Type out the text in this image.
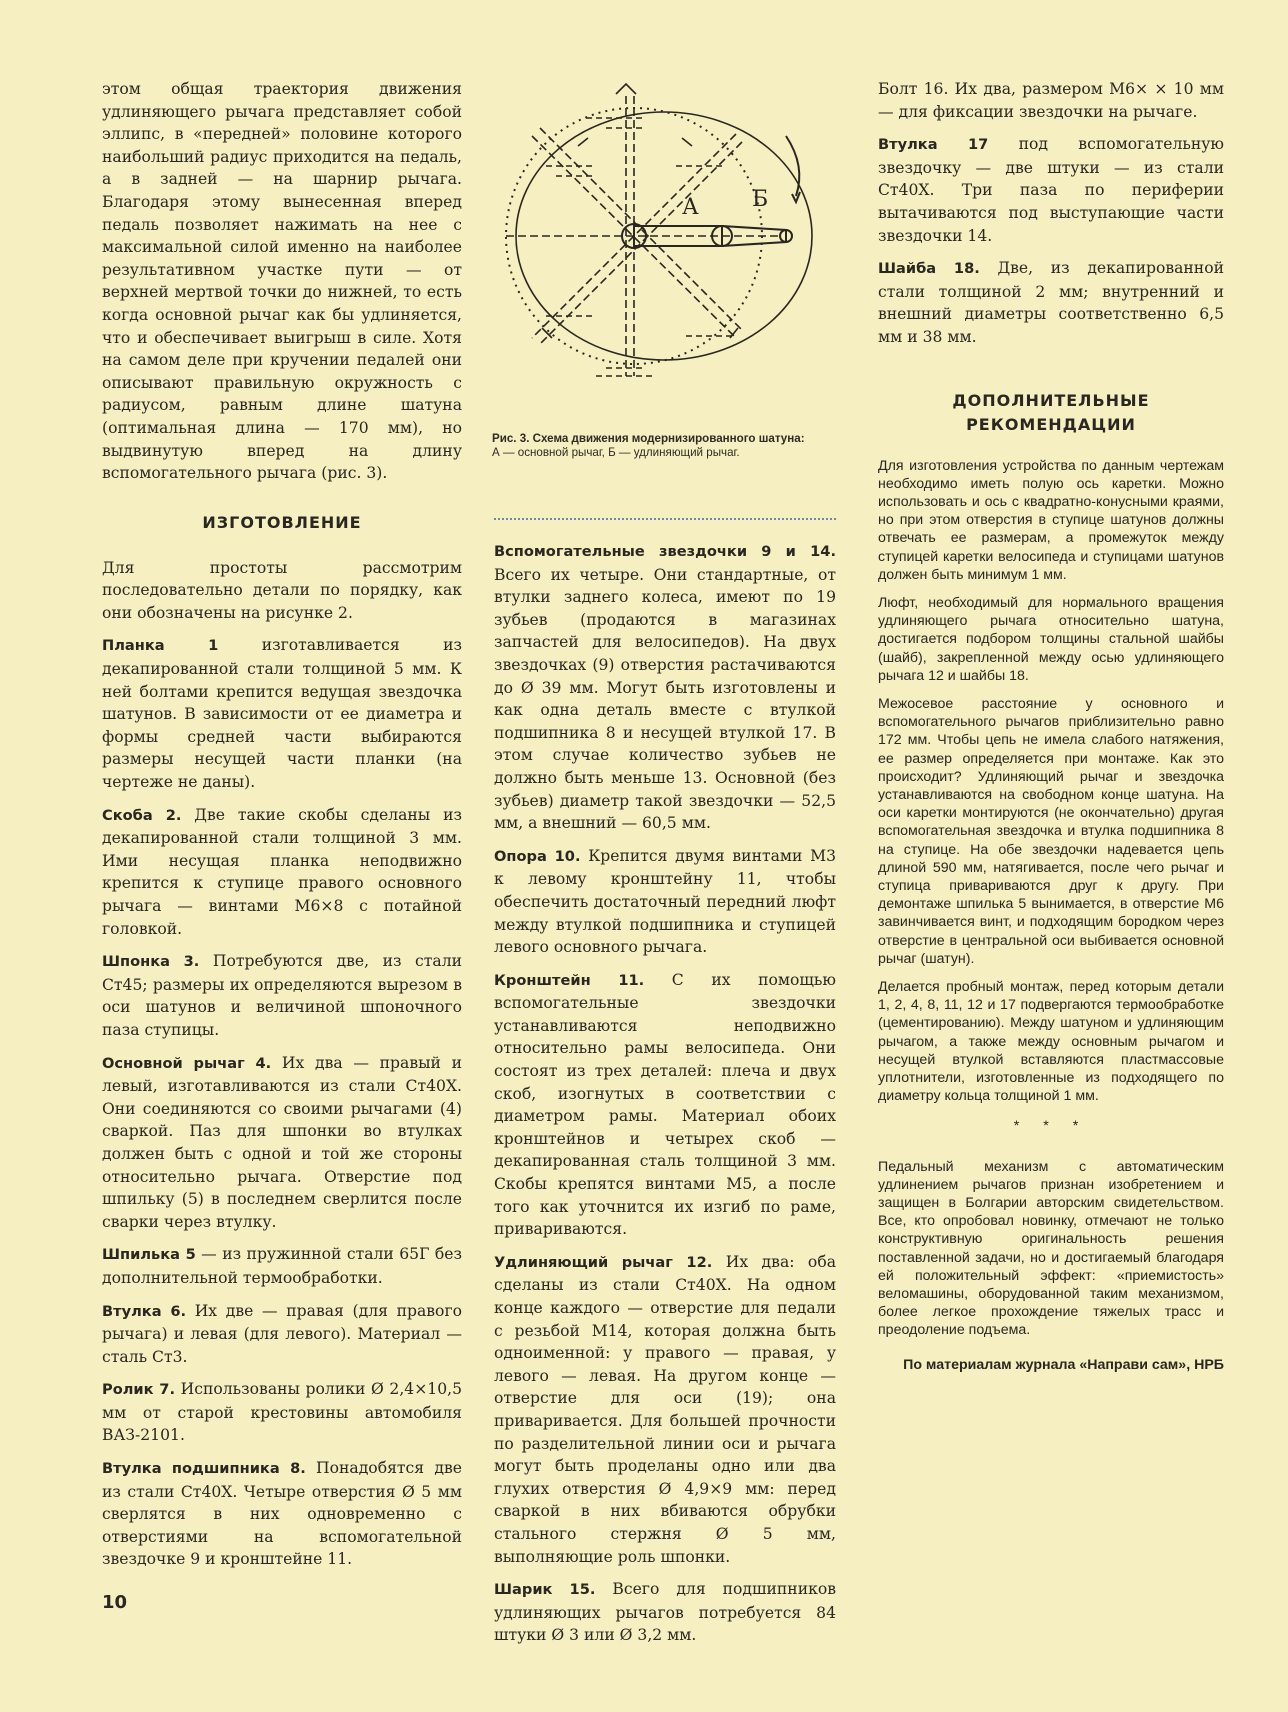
этом общая траектория движения удлиняющего рычага представляет собой эллипс, в «передней» половине которого наибольший радиус приходится на педаль, а в задней — на шарнир рычага. Благодаря этому вынесенная вперед педаль позволяет нажимать на нее с максимальной силой именно на наиболее результативном участке пути — от верхней мертвой точки до нижней, то есть когда основной рычаг как бы удлиняется, что и обеспечивает выигрыш в силе. Хотя на самом деле при кручении педалей они описывают правильную окружность с радиусом, равным длине шатуна (оптимальная длина — 170 мм), но выдвинутую вперед на длину вспомогательного рычага (рис. 3).

ИЗГОТОВЛЕНИЕ

Для простоты рассмотрим последовательно детали по порядку, как они обозначены на рисунке 2.

Планка 1 изготавливается из декапированной стали толщиной 5 мм. К ней болтами крепится ведущая звездочка шатунов. В зависимости от ее диаметра и формы средней части выбираются размеры несущей части планки (на чертеже не даны).

Скоба 2. Две такие скобы сделаны из декапированной стали толщиной 3 мм. Ими несущая планка неподвижно крепится к ступице правого основного рычага — винтами М6×8 с потайной головкой.

Шпонка 3. Потребуются две, из стали Ст45; размеры их определяются вырезом в оси шатунов и величиной шпоночного паза ступицы.

Основной рычаг 4. Их два — правый и левый, изготавливаются из стали Ст40Х. Они соединяются со своими рычагами (4) сваркой. Паз для шпонки во втулках должен быть с одной и той же стороны относительно рычага. Отверстие под шпильку (5) в последнем сверлится после сварки через втулку.

Шпилька 5 — из пружинной стали 65Г без дополнительной термообработки.

Втулка 6. Их две — правая (для правого рычага) и левая (для левого). Материал — сталь Ст3.

Ролик 7. Использованы ролики Ø 2,4×10,5 мм от старой крестовины автомобиля ВАЗ-2101.

Втулка подшипника 8. Понадобятся две из стали Ст40Х. Четыре отверстия Ø 5 мм сверлятся в них одновременно с отверстиями на вспомогательной звездочке 9 и кронштейне 11.

А Б
Рис. 3. Схема движения модернизированного шатуна:
А — основной рычаг, Б — удлиняющий рычаг.

Вспомогательные звездочки 9 и 14. Всего их четыре. Они стандартные, от втулки заднего колеса, имеют по 19 зубьев (продаются в магазинах запчастей для велосипедов). На двух звездочках (9) отверстия растачиваются до Ø 39 мм. Могут быть изготовлены и как одна деталь вместе с втулкой подшипника 8 и несущей втулкой 17. В этом случае количество зубьев не должно быть меньше 13. Основной (без зубьев) диаметр такой звездочки — 52,5 мм, а внешний — 60,5 мм.

Опора 10. Крепится двумя винтами М3 к левому кронштейну 11, чтобы обеспечить достаточный передний люфт между втулкой подшипника и ступицей левого основного рычага.

Кронштейн 11. С их помощью вспомогательные звездочки устанавливаются неподвижно относительно рамы велосипеда. Они состоят из трех деталей: плеча и двух скоб, изогнутых в соответствии с диаметром рамы. Материал обоих кронштейнов и четырех скоб — декапированная сталь толщиной 3 мм. Скобы крепятся винтами М5, а после того как уточнится их изгиб по раме, привариваются.

Удлиняющий рычаг 12. Их два: оба сделаны из стали Ст40Х. На одном конце каждого — отверстие для педали с резьбой М14, которая должна быть одноименной: у правого — правая, у левого — левая. На другом конце — отверстие для оси (19); она приваривается. Для большей прочности по разделительной линии оси и рычага могут быть проделаны одно или два глухих отверстия Ø 4,9×9 мм: перед сваркой в них вбиваются обрубки стального стержня Ø 5 мм, выполняющие роль шпонки.

Шарик 15. Всего для подшипников удлиняющих рычагов потребуется 84 штуки Ø 3 или Ø 3,2 мм.

Болт 16. Их два, размером М6× × 10 мм — для фиксации звездочки на рычаге.

Втулка 17 под вспомогательную звездочку — две штуки — из стали Ст40Х. Три паза по периферии вытачиваются под выступающие части звездочки 14.

Шайба 18. Две, из декапированной стали толщиной 2 мм; внутренний и внешний диаметры соответственно 6,5 мм и 38 мм.

ДОПОЛНИТЕЛЬНЫЕ
РЕКОМЕНДАЦИИ

Для изготовления устройства по данным чертежам необходимо иметь полую ось каретки. Можно использовать и ось с квадратно-конусными краями, но при этом отверстия в ступице шатунов должны отвечать ее размерам, а промежуток между ступицей каретки велосипеда и ступицами шатунов должен быть минимум 1 мм.

Люфт, необходимый для нормального вращения удлиняющего рычага относительно шатуна, достигается подбором толщины стальной шайбы (шайб), закрепленной между осью удлиняющего рычага 12 и шайбы 18.

Межосевое расстояние у основного и вспомогательного рычагов приблизительно равно 172 мм. Чтобы цепь не имела слабого натяжения, ее размер определяется при монтаже. Как это происходит? Удлиняющий рычаг и звездочка устанавливаются на свободном конце шатуна. На оси каретки монтируются (не окончательно) другая вспомогательная звездочка и втулка подшипника 8 на ступице. На обе звездочки надевается цепь длиной 590 мм, натягивается, после чего рычаг и ступица привариваются друг к другу. При демонтаже шпилька 5 вынимается, в отверстие М6 завинчивается винт, и подходящим бородком через отверстие в центральной оси выбивается основной рычаг (шатун).

Делается пробный монтаж, перед которым детали 1, 2, 4, 8, 11, 12 и 17 подвергаются термообработке (цементированию). Между шатуном и удлиняющим рычагом, а также между основным рычагом и несущей втулкой вставляются пластмассовые уплотнители, изготовленные из подходящего по диаметру кольца толщиной 1 мм.

* * *

Педальный механизм с автоматическим удлинением рычагов признан изобретением и защищен в Болгарии авторским свидетельством. Все, кто опробовал новинку, отмечают не только конструктивную оригинальность решения поставленной задачи, но и достигаемый благодаря ей положительный эффект: «приемистость» веломашины, оборудованной таким механизмом, более легкое прохождение тяжелых трасс и преодоление подъема.

По материалам журнала «Направи сам», НРБ

10
